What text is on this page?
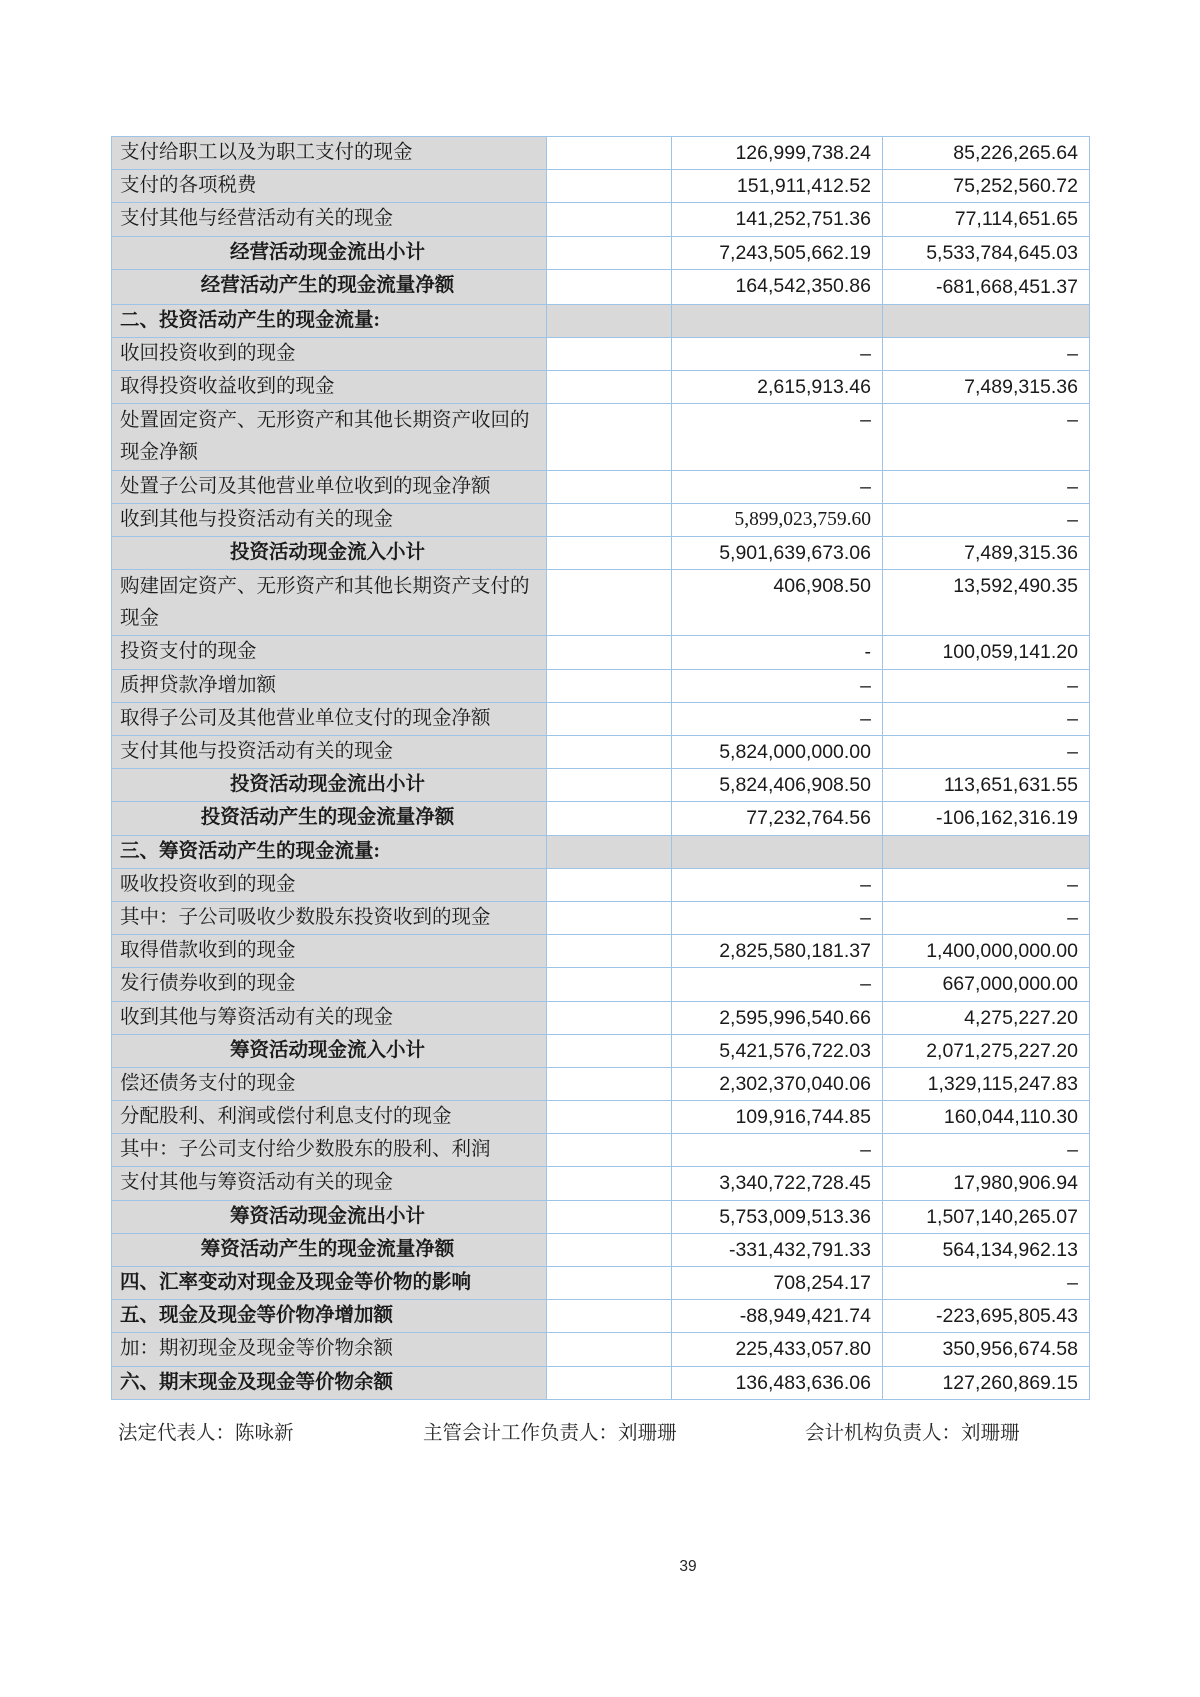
支付给职工以及为职工支付的现金		126,999,738.24	85,226,265.64
支付的各项税费		151,911,412.52	75,252,560.72
支付其他与经营活动有关的现金		141,252,751.36	77,114,651.65
经营活动现金流出小计		7,243,505,662.19	5,533,784,645.03
经营活动产生的现金流量净额		164,542,350.86	-681,668,451.37
二、投资活动产生的现金流量:			
收回投资收到的现金		–	–
取得投资收益收到的现金		2,615,913.46	7,489,315.36
处置固定资产、无形资产和其他长期资产收回的现金净额		–	–
处置子公司及其他营业单位收到的现金净额		–	–
收到其他与投资活动有关的现金		5,899,023,759.60	–
投资活动现金流入小计		5,901,639,673.06	7,489,315.36
购建固定资产、无形资产和其他长期资产支付的现金		406,908.50	13,592,490.35
投资支付的现金		-	100,059,141.20
质押贷款净增加额		–	–
取得子公司及其他营业单位支付的现金净额		–	–
支付其他与投资活动有关的现金		5,824,000,000.00	–
投资活动现金流出小计		5,824,406,908.50	113,651,631.55
投资活动产生的现金流量净额		77,232,764.56	-106,162,316.19
三、筹资活动产生的现金流量:			
吸收投资收到的现金		–	–
其中：子公司吸收少数股东投资收到的现金		–	–
取得借款收到的现金		2,825,580,181.37	1,400,000,000.00
发行债券收到的现金		–	667,000,000.00
收到其他与筹资活动有关的现金		2,595,996,540.66	4,275,227.20
筹资活动现金流入小计		5,421,576,722.03	2,071,275,227.20
偿还债务支付的现金		2,302,370,040.06	1,329,115,247.83
分配股利、利润或偿付利息支付的现金		109,916,744.85	160,044,110.30
其中：子公司支付给少数股东的股利、利润		–	–
支付其他与筹资活动有关的现金		3,340,722,728.45	17,980,906.94
筹资活动现金流出小计		5,753,009,513.36	1,507,140,265.07
筹资活动产生的现金流量净额		-331,432,791.33	564,134,962.13
四、汇率变动对现金及现金等价物的影响		708,254.17	–
五、现金及现金等价物净增加额		-88,949,421.74	-223,695,805.43
加：期初现金及现金等价物余额		225,433,057.80	350,956,674.58
六、期末现金及现金等价物余额		136,483,636.06	127,260,869.15
法定代表人：陈咏新	主管会计工作负责人：刘珊珊	会计机构负责人：刘珊珊
39
